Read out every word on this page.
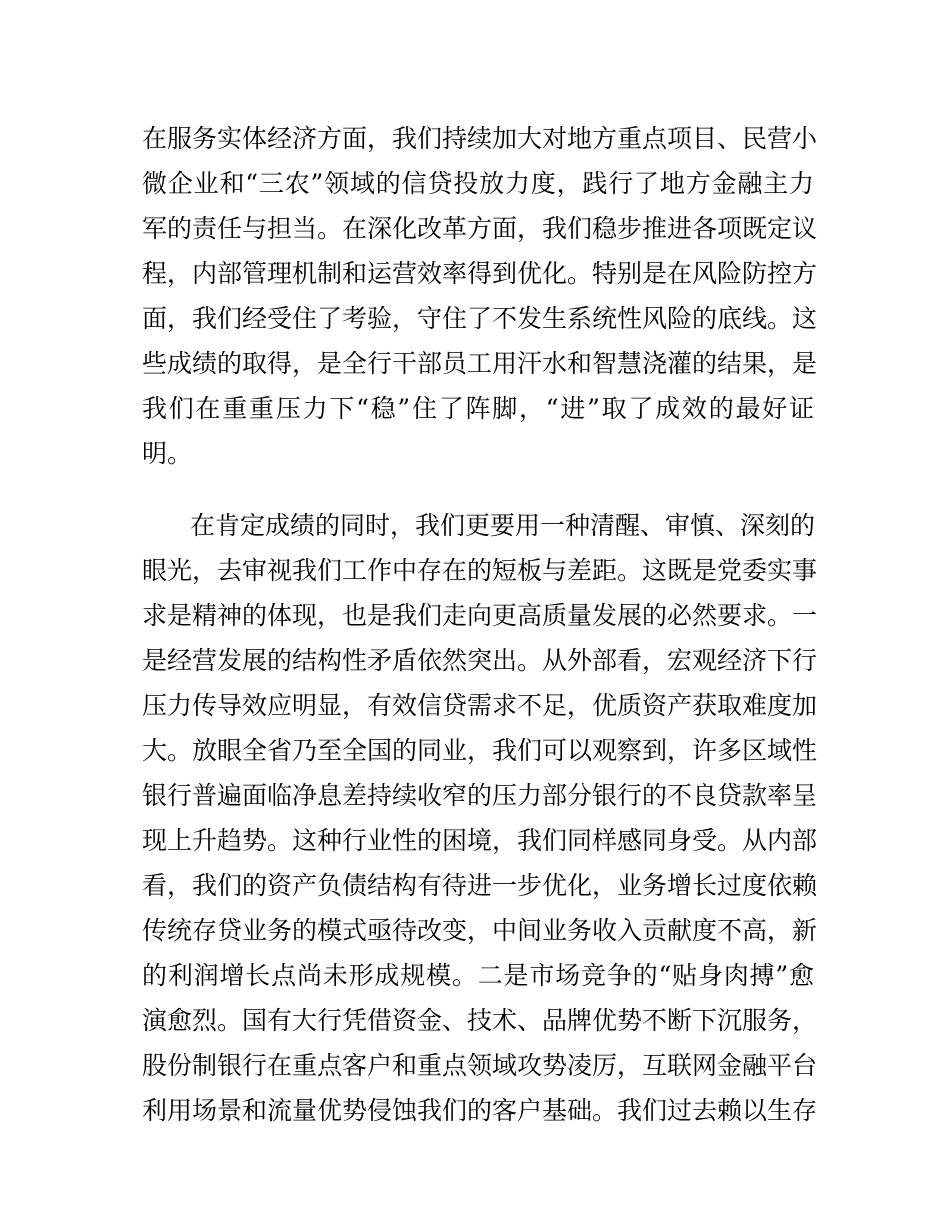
在服务实体经济方面，我们持续加大对地方重点项目、民营小
微企业和“三农”领域的信贷投放力度，践行了地方金融主力
军的责任与担当。在深化改革方面，我们稳步推进各项既定议
程，内部管理机制和运营效率得到优化。特别是在风险防控方
面，我们经受住了考验，守住了不发生系统性风险的底线。这
些成绩的取得，是全行干部员工用汗水和智慧浇灌的结果，是
我们在重重压力下“稳”住了阵脚，“进”取了成效的最好证
明。
在肯定成绩的同时，我们更要用一种清醒、审慎、深刻的
眼光，去审视我们工作中存在的短板与差距。这既是党委实事
求是精神的体现，也是我们走向更高质量发展的必然要求。一
是经营发展的结构性矛盾依然突出。从外部看，宏观经济下行
压力传导效应明显，有效信贷需求不足，优质资产获取难度加
大。放眼全省乃至全国的同业，我们可以观察到，许多区域性
银行普遍面临净息差持续收窄的压力部分银行的不良贷款率呈
现上升趋势。这种行业性的困境，我们同样感同身受。从内部
看，我们的资产负债结构有待进一步优化，业务增长过度依赖
传统存贷业务的模式亟待改变，中间业务收入贡献度不高，新
的利润增长点尚未形成规模。二是市场竞争的“贴身肉搏”愈
演愈烈。国有大行凭借资金、技术、品牌优势不断下沉服务，
股份制银行在重点客户和重点领域攻势凌厉，互联网金融平台
利用场景和流量优势侵蚀我们的客户基础。我们过去赖以生存
